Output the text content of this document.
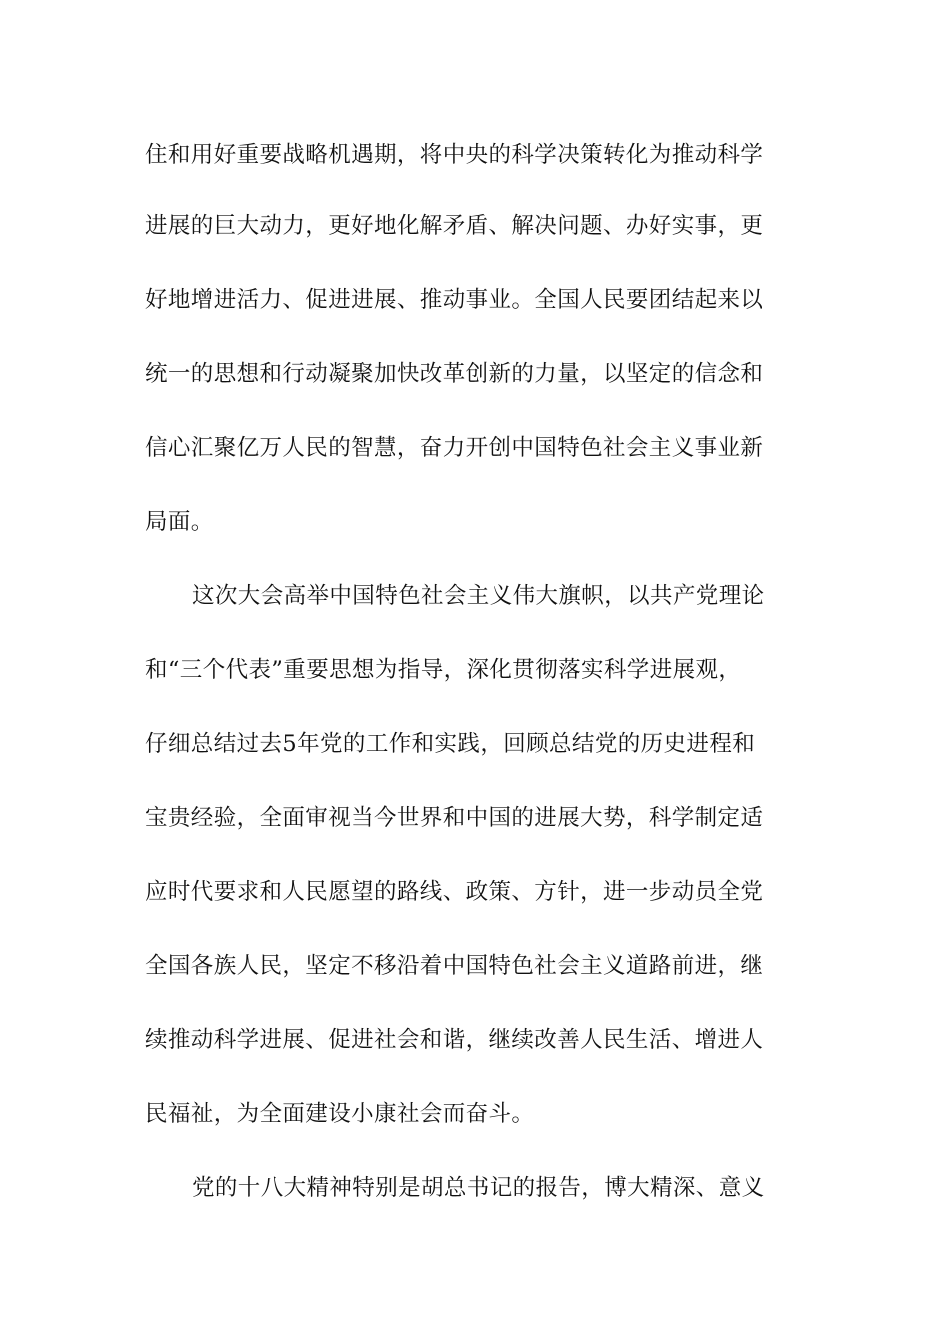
住和用好重要战略机遇期，将中央的科学决策转化为推动科学
进展的巨大动力，更好地化解矛盾、解决问题、办好实事，更
好地增进活力、促进进展、推动事业。全国人民要团结起来以
统一的思想和行动凝聚加快改革创新的力量，以坚定的信念和
信心汇聚亿万人民的智慧，奋力开创中国特色社会主义事业新
局面。
这次大会高举中国特色社会主义伟大旗帜，以共产党理论
和“三个代表”重要思想为指导，深化贯彻落实科学进展观，
仔细总结过去5年党的工作和实践，回顾总结党的历史进程和
宝贵经验，全面审视当今世界和中国的进展大势，科学制定适
应时代要求和人民愿望的路线、政策、方针，进一步动员全党
全国各族人民，坚定不移沿着中国特色社会主义道路前进，继
续推动科学进展、促进社会和谐，继续改善人民生活、增进人
民福祉，为全面建设小康社会而奋斗。
党的十八大精神特别是胡总书记的报告，博大精深、意义
